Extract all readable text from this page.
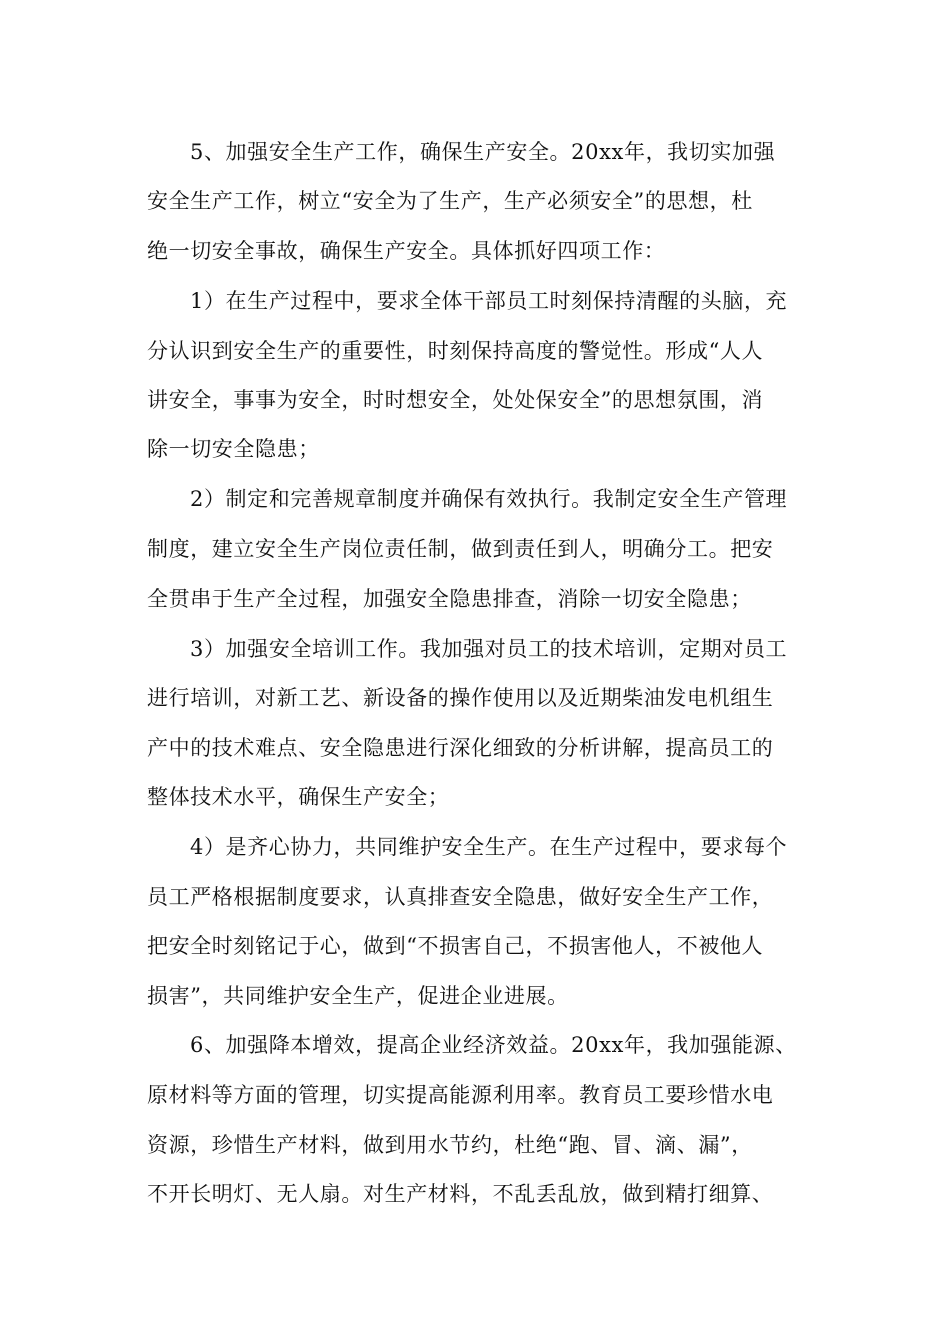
5、加强安全生产工作，确保生产安全。20xx年，我切实加强
安全生产工作，树立“安全为了生产，生产必须安全”的思想，杜
绝一切安全事故，确保生产安全。具体抓好四项工作：
1）在生产过程中，要求全体干部员工时刻保持清醒的头脑，充
分认识到安全生产的重要性，时刻保持高度的警觉性。形成“人人
讲安全，事事为安全，时时想安全，处处保安全”的思想氛围，消
除一切安全隐患；
2）制定和完善规章制度并确保有效执行。我制定安全生产管理
制度，建立安全生产岗位责任制，做到责任到人，明确分工。把安
全贯串于生产全过程，加强安全隐患排查，消除一切安全隐患；
3）加强安全培训工作。我加强对员工的技术培训，定期对员工
进行培训，对新工艺、新设备的操作使用以及近期柴油发电机组生
产中的技术难点、安全隐患进行深化细致的分析讲解，提高员工的
整体技术水平，确保生产安全；
4）是齐心协力，共同维护安全生产。在生产过程中，要求每个
员工严格根据制度要求，认真排查安全隐患，做好安全生产工作，
把安全时刻铭记于心，做到“不损害自己，不损害他人，不被他人
损害”，共同维护安全生产，促进企业进展。
6、加强降本增效，提高企业经济效益。20xx年，我加强能源、
原材料等方面的管理，切实提高能源利用率。教育员工要珍惜水电
资源，珍惜生产材料，做到用水节约，杜绝“跑、冒、滴、漏”，
不开长明灯、无人扇。对生产材料，不乱丢乱放，做到精打细算、
